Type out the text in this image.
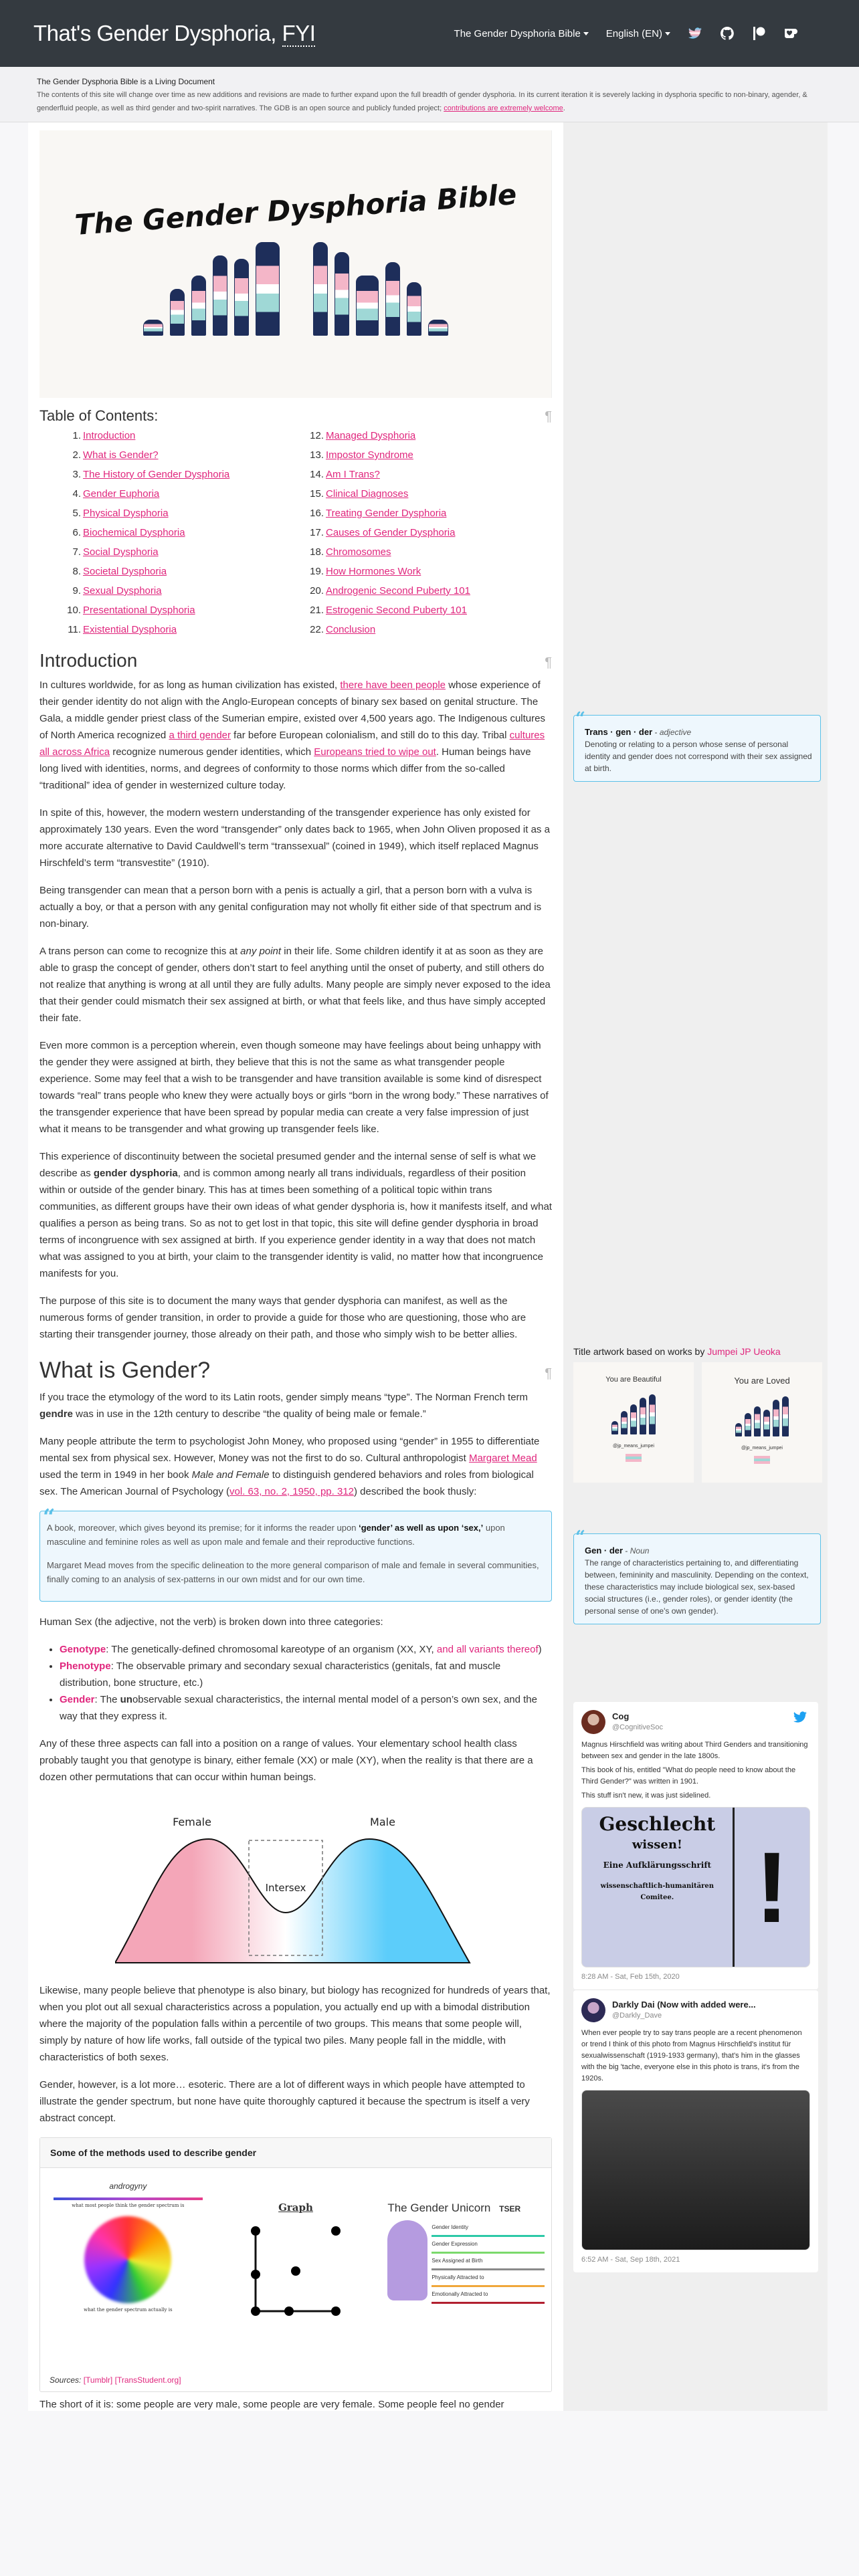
That's Gender Dysphoria, FYI	The Gender Dysphoria Bible	English (EN)
The Gender Dysphoria Bible is a Living Document
The contents of this site will change over time as new additions and revisions are made to further expand upon the full breadth of gender dysphoria. In its current iteration it is severely lacking in dysphoria specific to non-binary, agender, & genderfluid people, as well as third gender and two-spirit narratives. The GDB is an open source and publicly funded project; contributions are extremely welcome.
The Gender Dysphoria Bible
Table of Contents:	¶
1. Introduction	12. Managed Dysphoria
2. What is Gender?	13. Impostor Syndrome
3. The History of Gender Dysphoria	14. Am I Trans?
4. Gender Euphoria	15. Clinical Diagnoses
5. Physical Dysphoria	16. Treating Gender Dysphoria
6. Biochemical Dysphoria	17. Causes of Gender Dysphoria
7. Social Dysphoria	18. Chromosomes
8. Societal Dysphoria	19. How Hormones Work
9. Sexual Dysphoria	20. Androgenic Second Puberty 101
10. Presentational Dysphoria	21. Estrogenic Second Puberty 101
11. Existential Dysphoria	22. Conclusion
Introduction	¶

In cultures worldwide, for as long as human civilization has existed, there have been people whose experience of their gender identity do not align with the Anglo-European concepts of binary sex based on genital structure. The Gala, a middle gender priest class of the Sumerian empire, existed over 4,500 years ago. The Indigenous cultures of North America recognized a third gender far before European colonialism, and still do to this day. Tribal cultures all across Africa recognize numerous gender identities, which Europeans tried to wipe out. Human beings have long lived with identities, norms, and degrees of conformity to those norms which differ from the so-called “traditional” idea of gender in westernized culture today.

In spite of this, however, the modern western understanding of the transgender experience has only existed for approximately 130 years. Even the word “transgender” only dates back to 1965, when John Oliven proposed it as a more accurate alternative to David Cauldwell’s term “transsexual” (coined in 1949), which itself replaced Magnus Hirschfeld’s term “transvestite” (1910).

Being transgender can mean that a person born with a penis is actually a girl, that a person born with a vulva is actually a boy, or that a person with any genital configuration may not wholly fit either side of that spectrum and is non-binary.

A trans person can come to recognize this at any point in their life. Some children identify it at as soon as they are able to grasp the concept of gender, others don’t start to feel anything until the onset of puberty, and still others do not realize that anything is wrong at all until they are fully adults. Many people are simply never exposed to the idea that their gender could mismatch their sex assigned at birth, or what that feels like, and thus have simply accepted their fate.

Even more common is a perception wherein, even though someone may have feelings about being unhappy with the gender they were assigned at birth, they believe that this is not the same as what transgender people experience. Some may feel that a wish to be transgender and have transition available is some kind of disrespect towards “real” trans people who knew they were actually boys or girls “born in the wrong body.” These narratives of the transgender experience that have been spread by popular media can create a very false impression of just what it means to be transgender and what growing up transgender feels like.

This experience of discontinuity between the societal presumed gender and the internal sense of self is what we describe as gender dysphoria, and is common among nearly all trans individuals, regardless of their position within or outside of the gender binary. This has at times been something of a political topic within trans communities, as different groups have their own ideas of what gender dysphoria is, how it manifests itself, and what qualifies a person as being trans. So as not to get lost in that topic, this site will define gender dysphoria in broad terms of incongruence with sex assigned at birth. If you experience gender identity in a way that does not match what was assigned to you at birth, your claim to the transgender identity is valid, no matter how that incongruence manifests for you.

The purpose of this site is to document the many ways that gender dysphoria can manifest, as well as the numerous forms of gender transition, in order to provide a guide for those who are questioning, those who are starting their transgender journey, those already on their path, and those who simply wish to be better allies.

What is Gender?	¶

If you trace the etymology of the word to its Latin roots, gender simply means “type”. The Norman French term gendre was in use in the 12th century to describe “the quality of being male or female.”

Many people attribute the term to psychologist John Money, who proposed using “gender” in 1955 to differentiate mental sex from physical sex. However, Money was not the first to do so. Cultural anthropologist Margaret Mead used the term in 1949 in her book Male and Female to distinguish gendered behaviors and roles from biological sex. The American Journal of Psychology (vol. 63, no. 2, 1950, pp. 312) described the book thusly:

“

A book, moreover, which gives beyond its premise; for it informs the reader upon ‘gender’ as well as upon ‘sex,’ upon masculine and feminine roles as well as upon male and female and their reproductive functions.

Margaret Mead moves from the specific delineation to the more general comparison of male and female in several communities, finally coming to an analysis of sex-patterns in our own midst and for our own time.

Human Sex (the adjective, not the verb) is broken down into three categories:

• Genotype: The genetically-defined chromosomal kareotype of an organism (XX, XY, and all variants thereof)
• Phenotype: The observable primary and secondary sexual characteristics (genitals, fat and muscle distribution, bone structure, etc.)
• Gender: The unobservable sexual characteristics, the internal mental model of a person’s own sex, and the way that they express it.

Any of these three aspects can fall into a position on a range of values. Your elementary school health class probably taught you that genotype is binary, either female (XX) or male (XY), when the reality is that there are a dozen other permutations that can occur within human beings.

Female	Male
Intersex

Likewise, many people believe that phenotype is also binary, but biology has recognized for hundreds of years that, when you plot out all sexual characteristics across a population, you actually end up with a bimodal distribution where the majority of the population falls within a percentile of two groups. This means that some people will, simply by nature of how life works, fall outside of the typical two piles. Many people fall in the middle, with characteristics of both sexes.

Gender, however, is a lot more… esoteric. There are a lot of different ways in which people have attempted to illustrate the gender spectrum, but none have quite thoroughly captured it because the spectrum is itself a very abstract concept.

Some of the methods used to describe gender
androgyny
what most people think the gender spectrum is
what the gender spectrum actually is
Graph	The Gender Unicorn TSER
Gender Identity
Gender Expression
Sex Assigned at Birth
Physically Attracted to
Emotionally Attracted to
Sources: [Tumblr] [TransStudent.org]

The short of it is: some people are very male, some people are very female. Some people feel no gender

“
Trans · gen · der - adjective
Denoting or relating to a person whose sense of personal identity and gender does not correspond with their sex assigned at birth.
Title artwork based on works by Jumpei JP Ueoka
You are Beautiful
@jp_means_jumpei
You are Loved
@jp_means_jumpei
“
Gen · der - Noun
The range of characteristics pertaining to, and differentiating between, femininity and masculinity. Depending on the context, these characteristics may include biological sex, sex-based social structures (i.e., gender roles), or gender identity (the personal sense of one's own gender).
Cog
@CognitiveSoc

Magnus Hirschfield was writing about Third Genders and transitioning between sex and gender in the late 1800s.

This book of his, entitled "What do people need to know about the Third Gender?" was written in 1901.

This stuff isn't new, it was just sidelined.

Geschlecht
wissen!
Eine Aufklärungsschrift
wissenschaftlich-humanitären Comitee. !
8:28 AM - Sat, Feb 15th, 2020
Darkly Dai (Now with added were...
@Darkly_Dave

When ever people try to say trans people are a recent phenomenon or trend I think of this photo from Magnus Hirschfield's institut für sexualwissenschaft (1919-1933 germany), that's him in the glasses with the big 'tache, everyone else in this photo is trans, it's from the 1920s.

6:52 AM - Sat, Sep 18th, 2021
